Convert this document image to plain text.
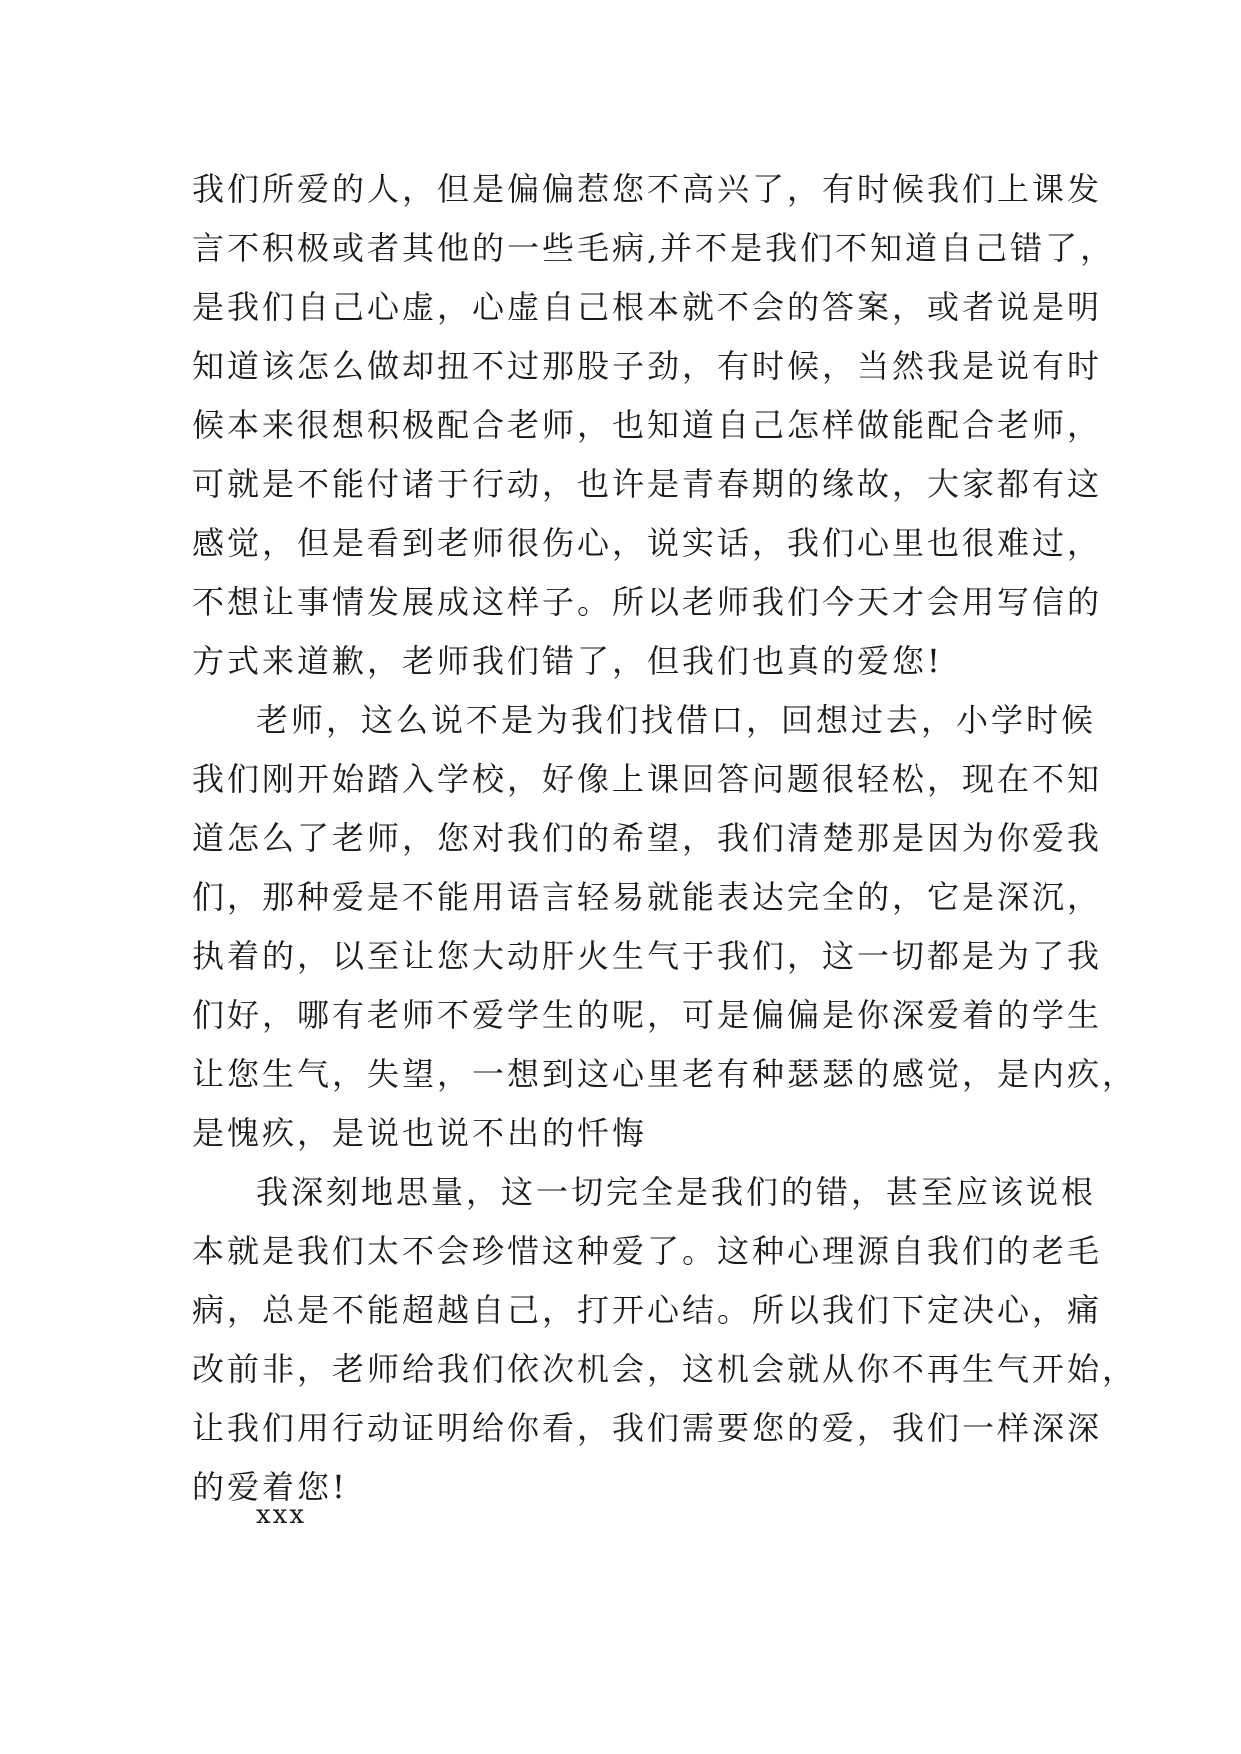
我们所爱的人，但是偏偏惹您不高兴了，有时候我们上课发
言不积极或者其他的一些毛病,并不是我们不知道自己错了，
是我们自己心虚，心虚自己根本就不会的答案，或者说是明
知道该怎么做却扭不过那股子劲，有时候，当然我是说有时
候本来很想积极配合老师，也知道自己怎样做能配合老师，
可就是不能付诸于行动，也许是青春期的缘故，大家都有这
感觉，但是看到老师很伤心，说实话，我们心里也很难过，
不想让事情发展成这样子。所以老师我们今天才会用写信的
方式来道歉，老师我们错了，但我们也真的爱您!
老师，这么说不是为我们找借口，回想过去，小学时候
我们刚开始踏入学校，好像上课回答问题很轻松，现在不知
道怎么了老师，您对我们的希望，我们清楚那是因为你爱我
们，那种爱是不能用语言轻易就能表达完全的，它是深沉，
执着的，以至让您大动肝火生气于我们，这一切都是为了我
们好，哪有老师不爱学生的呢，可是偏偏是你深爱着的学生
让您生气，失望，一想到这心里老有种瑟瑟的感觉，是内疚，
是愧疚，是说也说不出的忏悔
我深刻地思量，这一切完全是我们的错，甚至应该说根
本就是我们太不会珍惜这种爱了。这种心理源自我们的老毛
病，总是不能超越自己，打开心结。所以我们下定决心，痛
改前非，老师给我们依次机会，这机会就从你不再生气开始，
让我们用行动证明给你看，我们需要您的爱，我们一样深深
的爱着您!
xxx
